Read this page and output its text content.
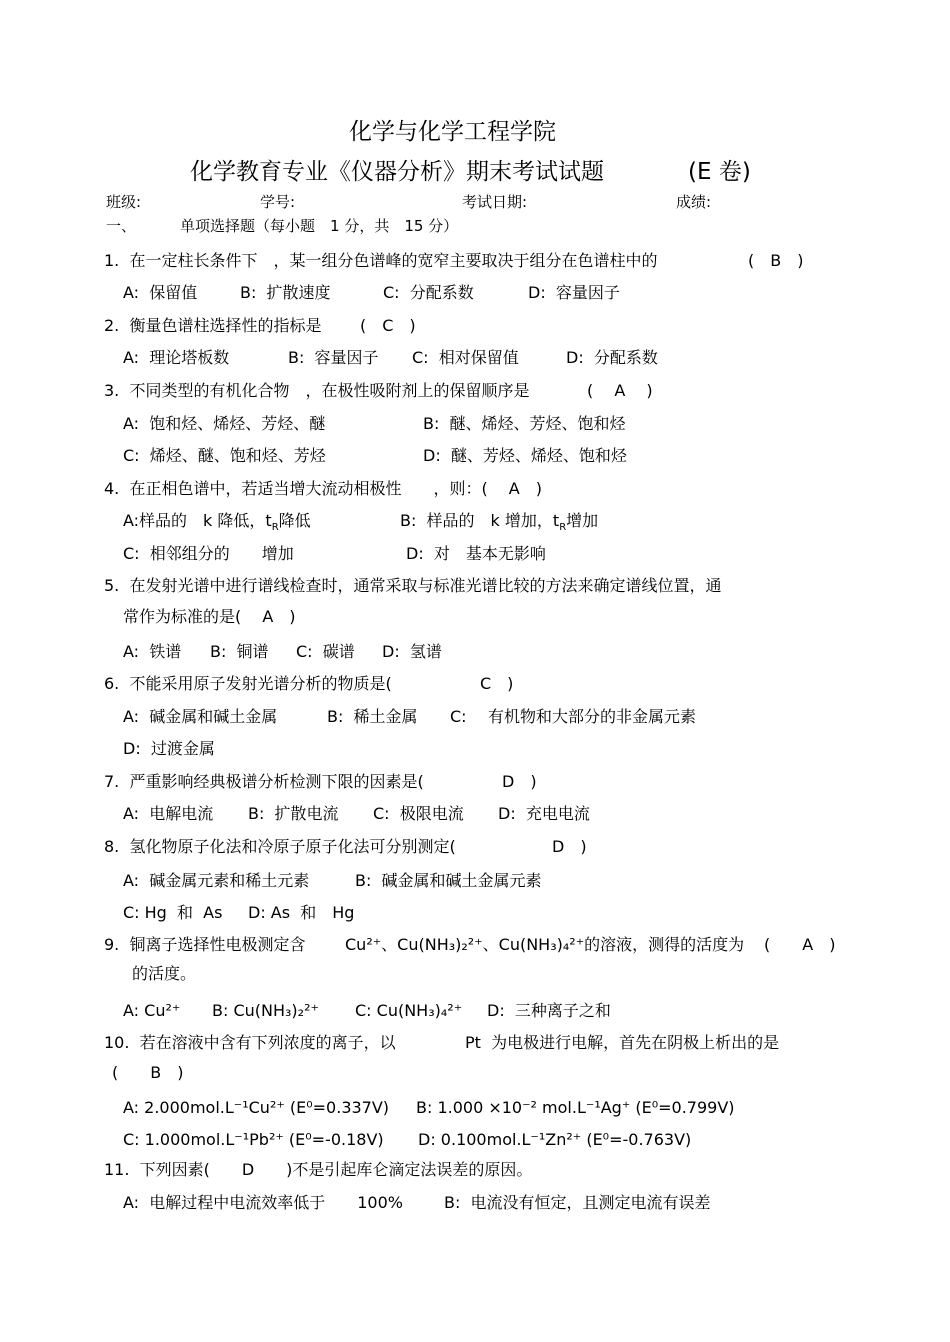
化学与化学工程学院
化学教育专业《仪器分析》期末考试试题	(E 卷)
班级:	学号:	考试日期:	成绩:
一、	单项选择题（每小题　1 分，共　15 分）
1.  在一定柱长条件下　，某一组分色谱峰的宽窄主要取决于组分在色谱柱中的	(　B　)
A:  保留值	B:  扩散速度	C:  分配系数	D:  容量因子
2.  衡量色谱柱选择性的指标是 (　C　)
A:  理论塔板数	B:  容量因子 C:  相对保留值	D:  分配系数
3.  不同类型的有机化合物　，在极性吸附剂上的保留顺序是	(　 A　 )
A:  饱和烃、烯烃、芳烃、醚	B:  醚、烯烃、芳烃、饱和烃
C:  烯烃、醚、饱和烃、芳烃	D:  醚、芳烃、烯烃、饱和烃
4.  在正相色谱中，若适当增大流动相极性　　，则：(　 A　)
A:样品的　k 降低，$t_R$降低	B:  样品的　k 增加，$t_R$增加
C:  相邻组分的　　增加	D:  对　基本无影响
5.  在发射光谱中进行谱线检查时，通常采取与标准光谱比较的方法来确定谱线位置，通
常作为标准的是(　 A　)
A:  铁谱 B:  铜谱 C:  碳谱 D:  氢谱
6.  不能采用原子发射光谱分析的物质是(	C　)
A:  碱金属和碱土金属	B:  稀土金属 C: 有机物和大部分的非金属元素
D:  过渡金属
7.  严重影响经典极谱分析检测下限的因素是(	D　)
A:  电解电流 B:  扩散电流 C:  极限电流 D:  充电电流
8.  氢化物原子化法和冷原子原子化法可分别测定(	D　)
A:  碱金属元素和稀土元素	B:  碱金属和碱土金属元素
C: Hg  和  As D: As  和　Hg
9.  铜离子选择性电极测定含 Cu²⁺、Cu(NH₃)₂²⁺、Cu(NH₃)₄²⁺的溶液，测得的活度为 (　　A　)
的活度。
A: Cu²⁺ B: Cu(NH₃)₂²⁺ C: Cu(NH₃)₄²⁺ D:  三种离子之和
10.  若在溶液中含有下列浓度的离子，以	Pt  为电极进行电解，首先在阴极上析出的是
(　　B　)
A: 2.000mol.L⁻¹Cu²⁺ (E⁰=0.337V) B: 1.000 ×10⁻² mol.L⁻¹Ag⁺ (E⁰=0.799V)
C: 1.000mol.L⁻¹Pb²⁺ (E⁰=-0.18V) D: 0.100mol.L⁻¹Zn²⁺ (E⁰=-0.763V)
11.  下列因素(　　D　　)不是引起库仑滴定法误差的原因。
A:  电解过程中电流效率低于　　100%	B:  电流没有恒定，且测定电流有误差
